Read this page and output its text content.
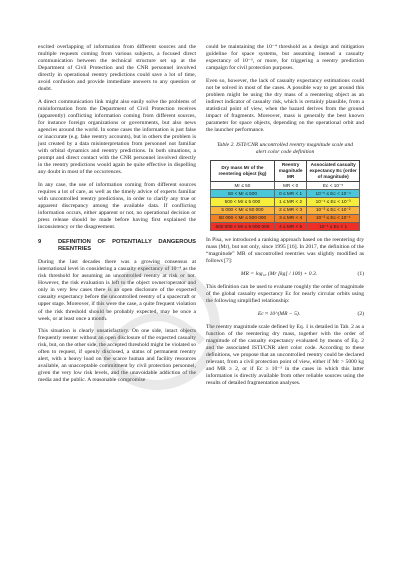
excited overlapping of information from different sources and the multiple requests coming from various subjects, a focused direct communication between the technical structure set up at the Department of Civil Protection and the CNR personnel involved directly in operational reentry predictions could save a lot of time, avoid confusion and provide immediate answers to any question or doubt.

A direct communication link might also easily solve the problems of misinformation from the Department of Civil Protection receives (apparently) conflicting information coming from different sources, for instance foreign organizations or governments, but also news agencies around the world. In some cases the information is just false or inaccurate (e.g. fake reentry accounts), but in others the problem is just created by a data misinterpretation from personnel not familiar with orbital dynamics and reentry predictions. In both situations, a prompt and direct contact with the CNR personnel involved directly in the reentry predictions would again be quite effective in dispelling any doubt in most of the occurrences.

In any case, the use of information coming from different sources requires a lot of care, as well as the timely advice of experts familiar with uncontrolled reentry predictions, in order to clarify any true or apparent discrepancy among the available data. If conflicting information occurs, either apparent or not, no operational decision or press release should be made before having first explained the inconsistency or the disagreement.

9	DEFINITION OF POTENTIALLY DANGEROUS REENTRIES

During the last decades there was a growing consensus at international level in considering a casualty expectancy of 10⁻⁴ as the risk threshold for assuming an uncontrolled reentry at risk or not. However, the risk evaluation is left to the object owner/operator and only in very few cases there is an open disclosure of the expected casualty expectancy before the uncontrolled reentry of a spacecraft or upper stage. Moreover, if this were the case, a quite frequent violation of the risk threshold should be probably expected, may be once a week, or at least once a month.

This situation is clearly unsatisfactory. On one side, intact objects frequently reenter without an open disclosure of the expected casualty risk, but, on the other side, the accepted threshold might be violated so often to request, if openly disclosed, a status of permanent reentry alert, with a heavy load on the scarce human and facility resources available, an unacceptable commitment by civil protection personnel, given the very low risk levels, and the unavoidable addiction of the media and the public. A reasonable compromise

could be maintaining the 10⁻⁴ threshold as a design and mitigation guideline for space systems, but assuming instead a casualty expectancy of 10⁻³, or more, for triggering a reentry prediction campaign for civil protection purposes.

Even so, however, the lack of casualty expectancy estimations could not be solved in most of the cases. A possible way to get around this problem might be using the dry mass of a reentering object as an indirect indicator of casualty risk, which is certainly plausible, from a statistical point of view, when the hazard derives from the ground impact of fragments. Moreover, mass is generally the best known parameter for space objects, depending on the operational orbit and the launcher performance.

Table 2. ISTI/CNR uncontrolled reentry magnitude scale and alert color code definition
Dry mass Mr of the reentering object (kg)	Reentry magnitude MR	Associated casualty expectancy Ec (order of magnitude)
Mr ≤ 50	MR < 0	Ec < 10⁻⁵
50 < Mr ≤ 500	0 ≤ MR < 1	10⁻⁵ ≤ Ec < 10⁻⁴
500 < Mr ≤ 5 000	1 ≤ MR < 2	10⁻⁴ ≤ Ec < 10⁻³
5 000 < Mr ≤ 50 000	2 ≤ MR < 3	10⁻³ ≤ Ec < 10⁻²
50 000 < Mr ≤ 500 000	3 ≤ MR < 4	10⁻² ≤ Ec < 10⁻¹
500 000 < Mr ≤ 5 000 000	4 ≤ MR < 5	10⁻¹ ≤ Ec < 1

In Pisa, we introduced a ranking approach based on the reentering dry mass (Mr), but not only, since 1995 [16]. In 2017, the definition of the “magnitude” MR of uncontrolled reentries was slightly modified as follows [7]:

MR = log₁₀ (Mr [kg] / 100) + 0.3.	(1)

This definition can be used to evaluate roughly the order of magnitude of the global casualty expectancy Ec for nearly circular orbits using the following simplified relationship:

Ec ≈ 10^(MR − 5).	(2)

The reentry magnitude scale defined by Eq. 1 is detailed in Tab. 2 as a function of the reentering dry mass, together with the order of magnitude of the casualty expectancy evaluated by means of Eq. 2 and the associated ISTI/CNR alert color code. According to these definitions, we propose that an uncontrolled reentry could be declared relevant, from a civil protection point of view, either if Mr > 5000 kg and MR ≥ 2, or if Ec ≥ 10⁻³ in the cases in which this latter information is directly available from other reliable sources using the results of detailed fragmentation analyses.
